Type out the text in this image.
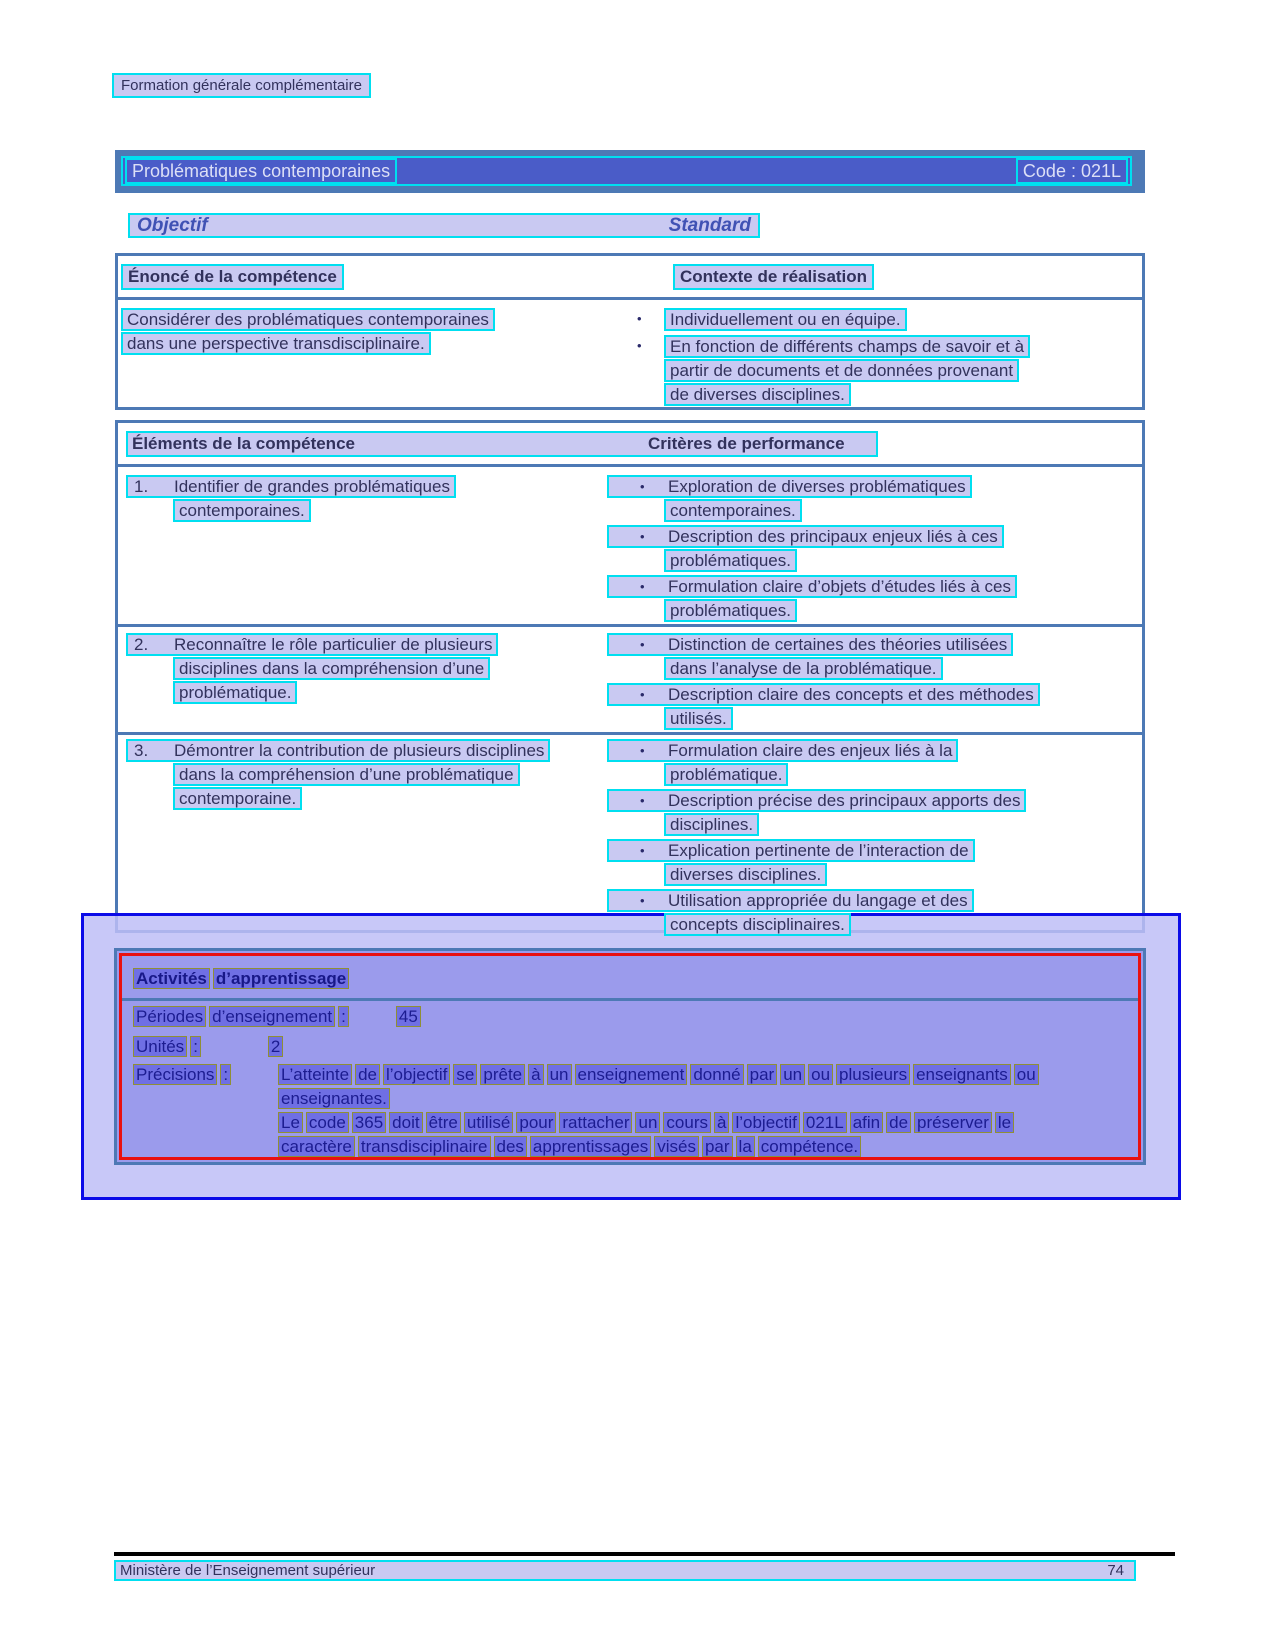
Formation générale complémentaire
Problématiques contemporaines	Code : 021L
Objectif	Standard
Énoncé de la compétence	Contexte de réalisation
Considérer des problématiques contemporaines
dans une perspective transdisciplinaire.
•	Individuellement ou en équipe.
•	En fonction de différents champs de savoir et à
partir de documents et de données provenant
de diverses disciplines.
Éléments de la compétence	Critères de performance
1.	Identifier de grandes problématiques
contemporaines.
•	Exploration de diverses problématiques
contemporaines.
•	Description des principaux enjeux liés à ces
problématiques.
•	Formulation claire d’objets d’études liés à ces
problématiques.
2.	Reconnaître le rôle particulier de plusieurs
disciplines dans la compréhension d’une
problématique.
•	Distinction de certaines des théories utilisées
dans l’analyse de la problématique.
•	Description claire des concepts et des méthodes
utilisés.
3.	Démontrer la contribution de plusieurs disciplines
dans la compréhension d’une problématique
contemporaine.
•	Formulation claire des enjeux liés à la
problématique.
•	Description précise des principaux apports des
disciplines.
•	Explication pertinente de l’interaction de
diverses disciplines.
•	Utilisation appropriée du langage et des
concepts disciplinaires.
Activités d’apprentissage
Périodes d’enseignement :	45
Unités :	2
Précisions :	L’atteinte de l’objectif se prête à un enseignement donné par un ou plusieurs enseignants ou
enseignantes.
Le code 365 doit être utilisé pour rattacher un cours à l’objectif 021L afin de préserver le
caractère transdisciplinaire des apprentissages visés par la compétence.
Ministère de l’Enseignement supérieur	74
